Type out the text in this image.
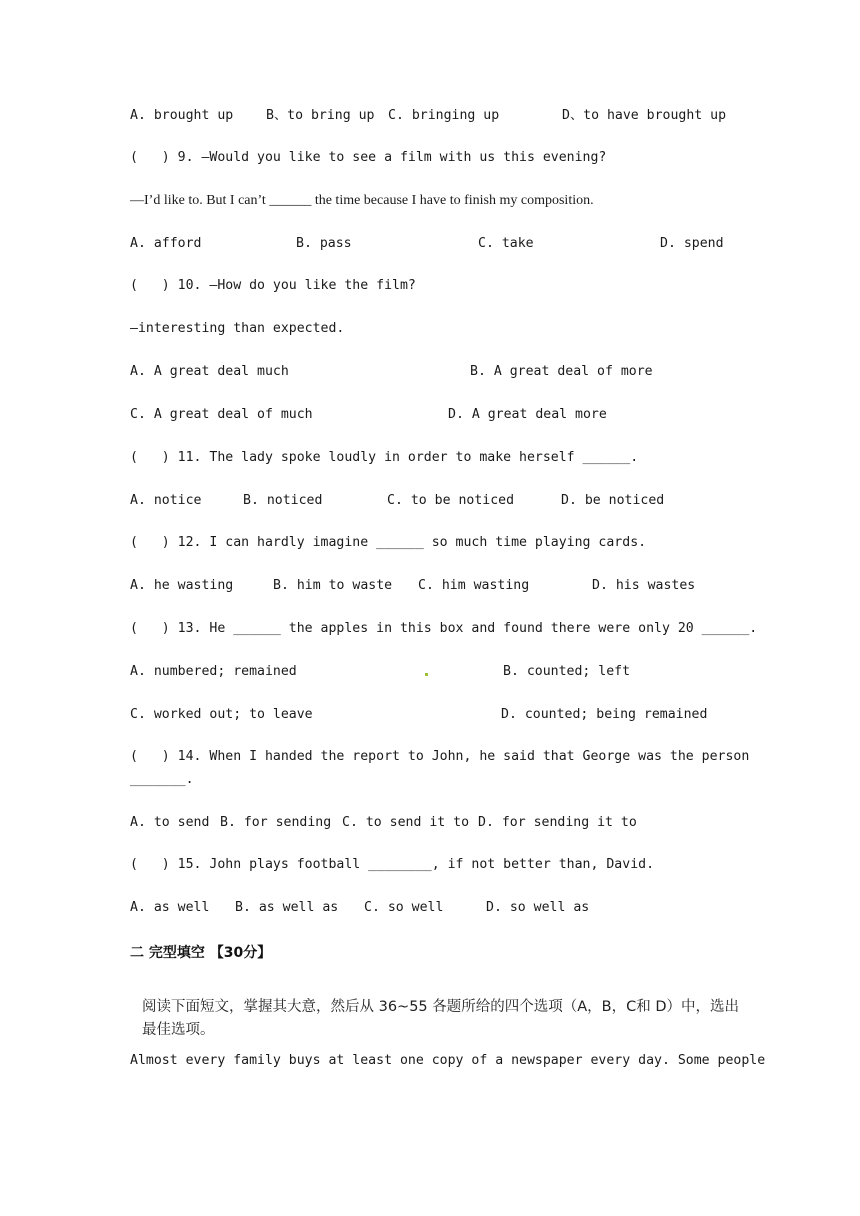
A. brought up B、to bring up C. bringing up	D、to have brought up
(   ) 9. —Would you like to see a film with us this evening?
—I’d like to. But I can’t ______ the time because I have to finish my composition.
A. afford	B. pass	C. take	D. spend
(   ) 10. —How do you like the film?
—interesting than expected.
A. A great deal much	B. A great deal of more
C. A great deal of much	D. A great deal more
(   ) 11. The lady spoke loudly in order to make herself ______.
A. notice	B. noticed	C. to be noticed	D. be noticed
(   ) 12. I can hardly imagine ______ so much time playing cards.
A. he wasting	B. him to waste C. him wasting	D. his wastes
(   ) 13. He ______ the apples in this box and found there were only 20 ______.
A. numbered; remained	B. counted; left
C. worked out; to leave	D. counted; being remained
(   ) 14. When I handed the report to John, he said that George was the person
_______.
A. to send B. for sending C. to send it to D. for sending it to
(   ) 15. John plays football ________, if not better than, David.
A. as well B. as well as C. so well	D. so well as
二 完型填空 【30分】
阅读下面短文，掌握其大意，然后从 36~55 各题所给的四个选项（A，B，C和 D）中，选出最佳选项。
Almost every family buys at least one copy of a newspaper every day. Some people
